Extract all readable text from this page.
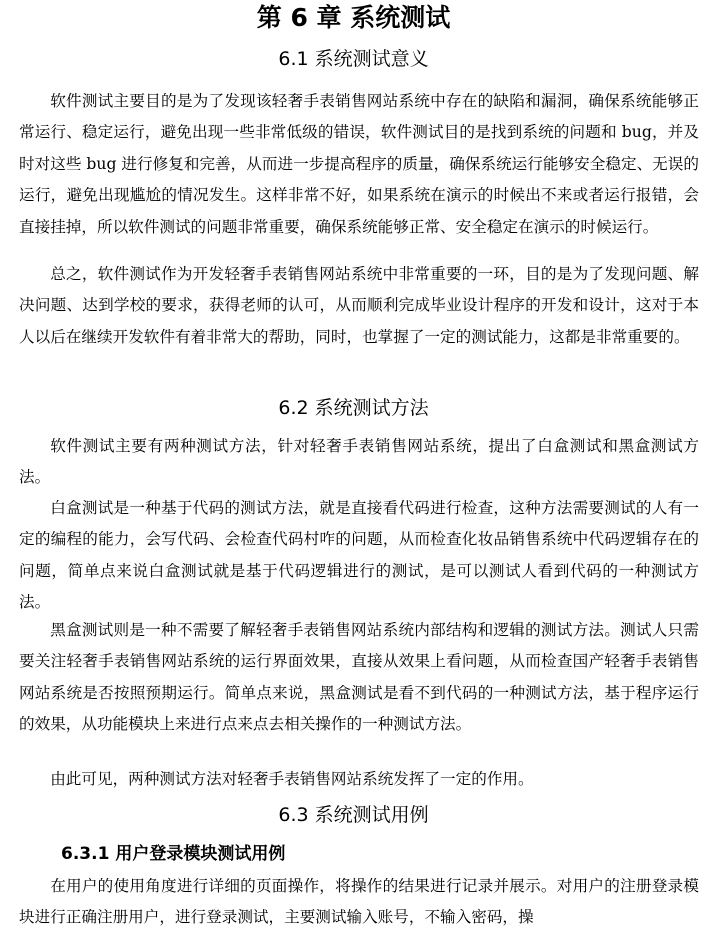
第 6 章 系统测试
6.1 系统测试意义

软件测试主要目的是为了发现该轻奢手表销售网站系统中存在的缺陷和漏洞，确保系统能够正常运行、稳定运行，避免出现一些非常低级的错误，软件测试目的是找到系统的问题和 bug，并及时对这些 bug 进行修复和完善，从而进一步提高程序的质量，确保系统运行能够安全稳定、无误的运行，避免出现尴尬的情况发生。这样非常不好，如果系统在演示的时候出不来或者运行报错，会直接挂掉，所以软件测试的问题非常重要，确保系统能够正常、安全稳定在演示的时候运行。

总之，软件测试作为开发轻奢手表销售网站系统中非常重要的一环，目的是为了发现问题、解决问题、达到学校的要求，获得老师的认可，从而顺利完成毕业设计程序的开发和设计，这对于本人以后在继续开发软件有着非常大的帮助，同时，也掌握了一定的测试能力，这都是非常重要的。

6.2 系统测试方法

软件测试主要有两种测试方法，针对轻奢手表销售网站系统，提出了白盒测试和黑盒测试方法。

白盒测试是一种基于代码的测试方法，就是直接看代码进行检查，这种方法需要测试的人有一定的编程的能力，会写代码、会检查代码村咋的问题，从而检查化妆品销售系统中代码逻辑存在的问题，简单点来说白盒测试就是基于代码逻辑进行的测试，是可以测试人看到代码的一种测试方法。

黑盒测试则是一种不需要了解轻奢手表销售网站系统内部结构和逻辑的测试方法。测试人只需要关注轻奢手表销售网站系统的运行界面效果，直接从效果上看问题，从而检查国产轻奢手表销售网站系统是否按照预期运行。简单点来说，黑盒测试是看不到代码的一种测试方法，基于程序运行的效果，从功能模块上来进行点来点去相关操作的一种测试方法。

由此可见，两种测试方法对轻奢手表销售网站系统发挥了一定的作用。

6.3 系统测试用例
6.3.1 用户登录模块测试用例

在用户的使用角度进行详细的页面操作，将操作的结果进行记录并展示。对用户的注册登录模块进行正确注册用户，进行登录测试，主要测试输入账号，不输入密码，操
